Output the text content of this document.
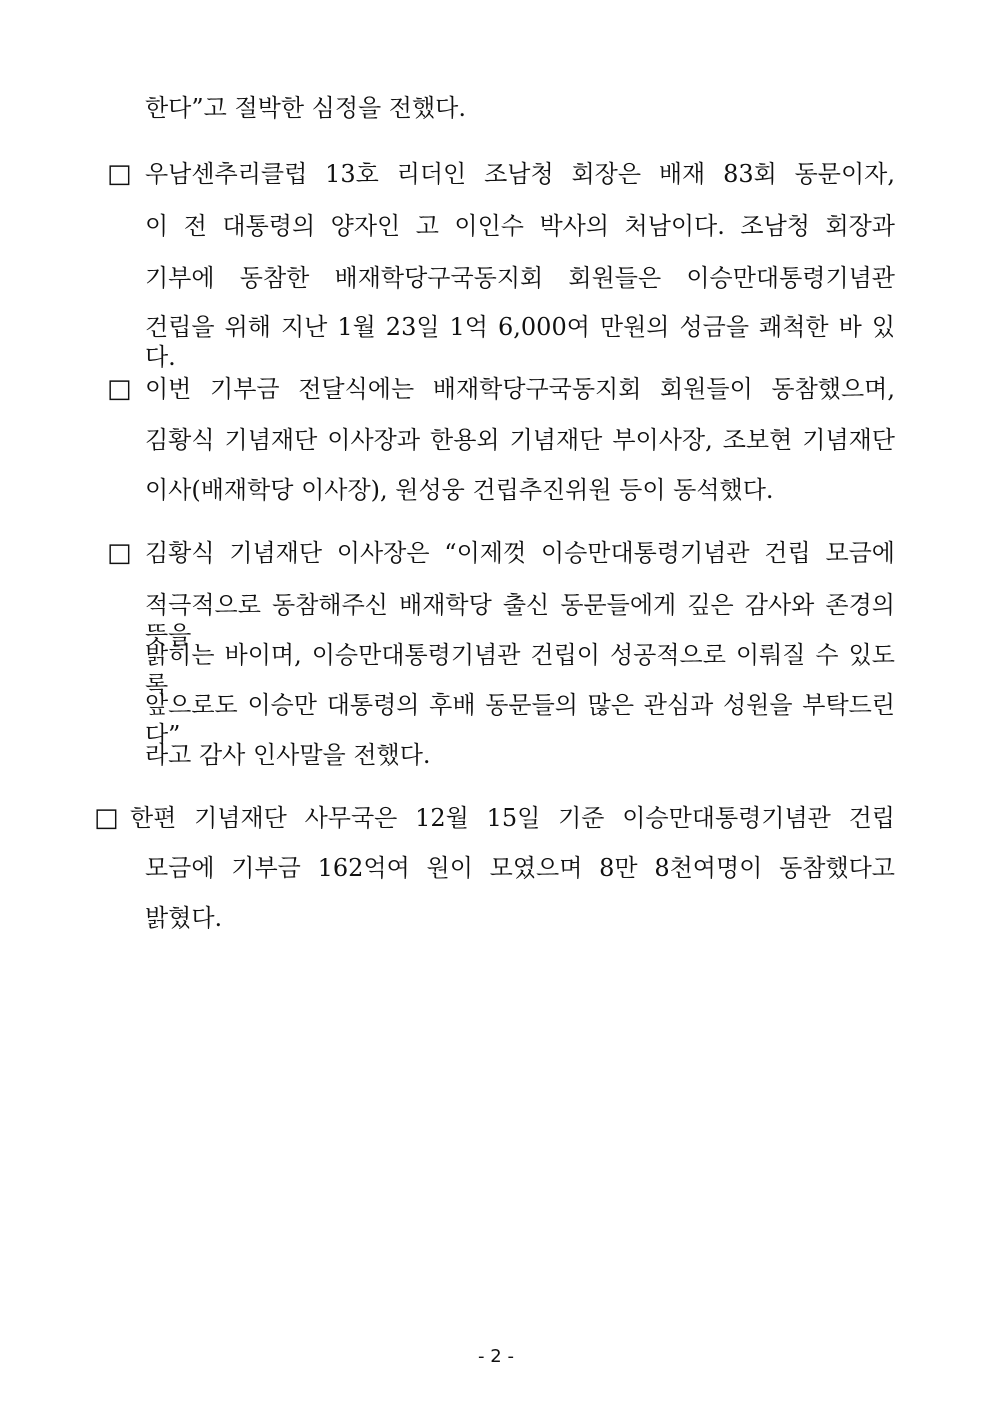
한다”고 절박한 심정을 전했다.
□ 우남센추리클럽 13호 리더인 조남청 회장은 배재 83회 동문이자,
이 전 대통령의 양자인 고 이인수 박사의 처남이다. 조남청 회장과
기부에 동참한 배재학당구국동지회 회원들은 이승만대통령기념관
건립을 위해 지난 1월 23일 1억 6,000여 만원의 성금을 쾌척한 바 있다.
□ 이번 기부금 전달식에는 배재학당구국동지회 회원들이 동참했으며,
김황식 기념재단 이사장과 한용외 기념재단 부이사장, 조보현 기념재단
이사(배재학당 이사장), 원성웅 건립추진위원 등이 동석했다.
□ 김황식 기념재단 이사장은 “이제껏 이승만대통령기념관 건립 모금에
적극적으로 동참해주신 배재학당 출신 동문들에게 깊은 감사와 존경의 뜻을
밝히는 바이며, 이승만대통령기념관 건립이 성공적으로 이뤄질 수 있도록
앞으로도 이승만 대통령의 후배 동문들의 많은 관심과 성원을 부탁드린다”
라고 감사 인사말을 전했다.
□ 한편 기념재단 사무국은 12월 15일 기준 이승만대통령기념관 건립
모금에 기부금 162억여 원이 모였으며 8만 8천여명이 동참했다고
밝혔다.
- 2 -
